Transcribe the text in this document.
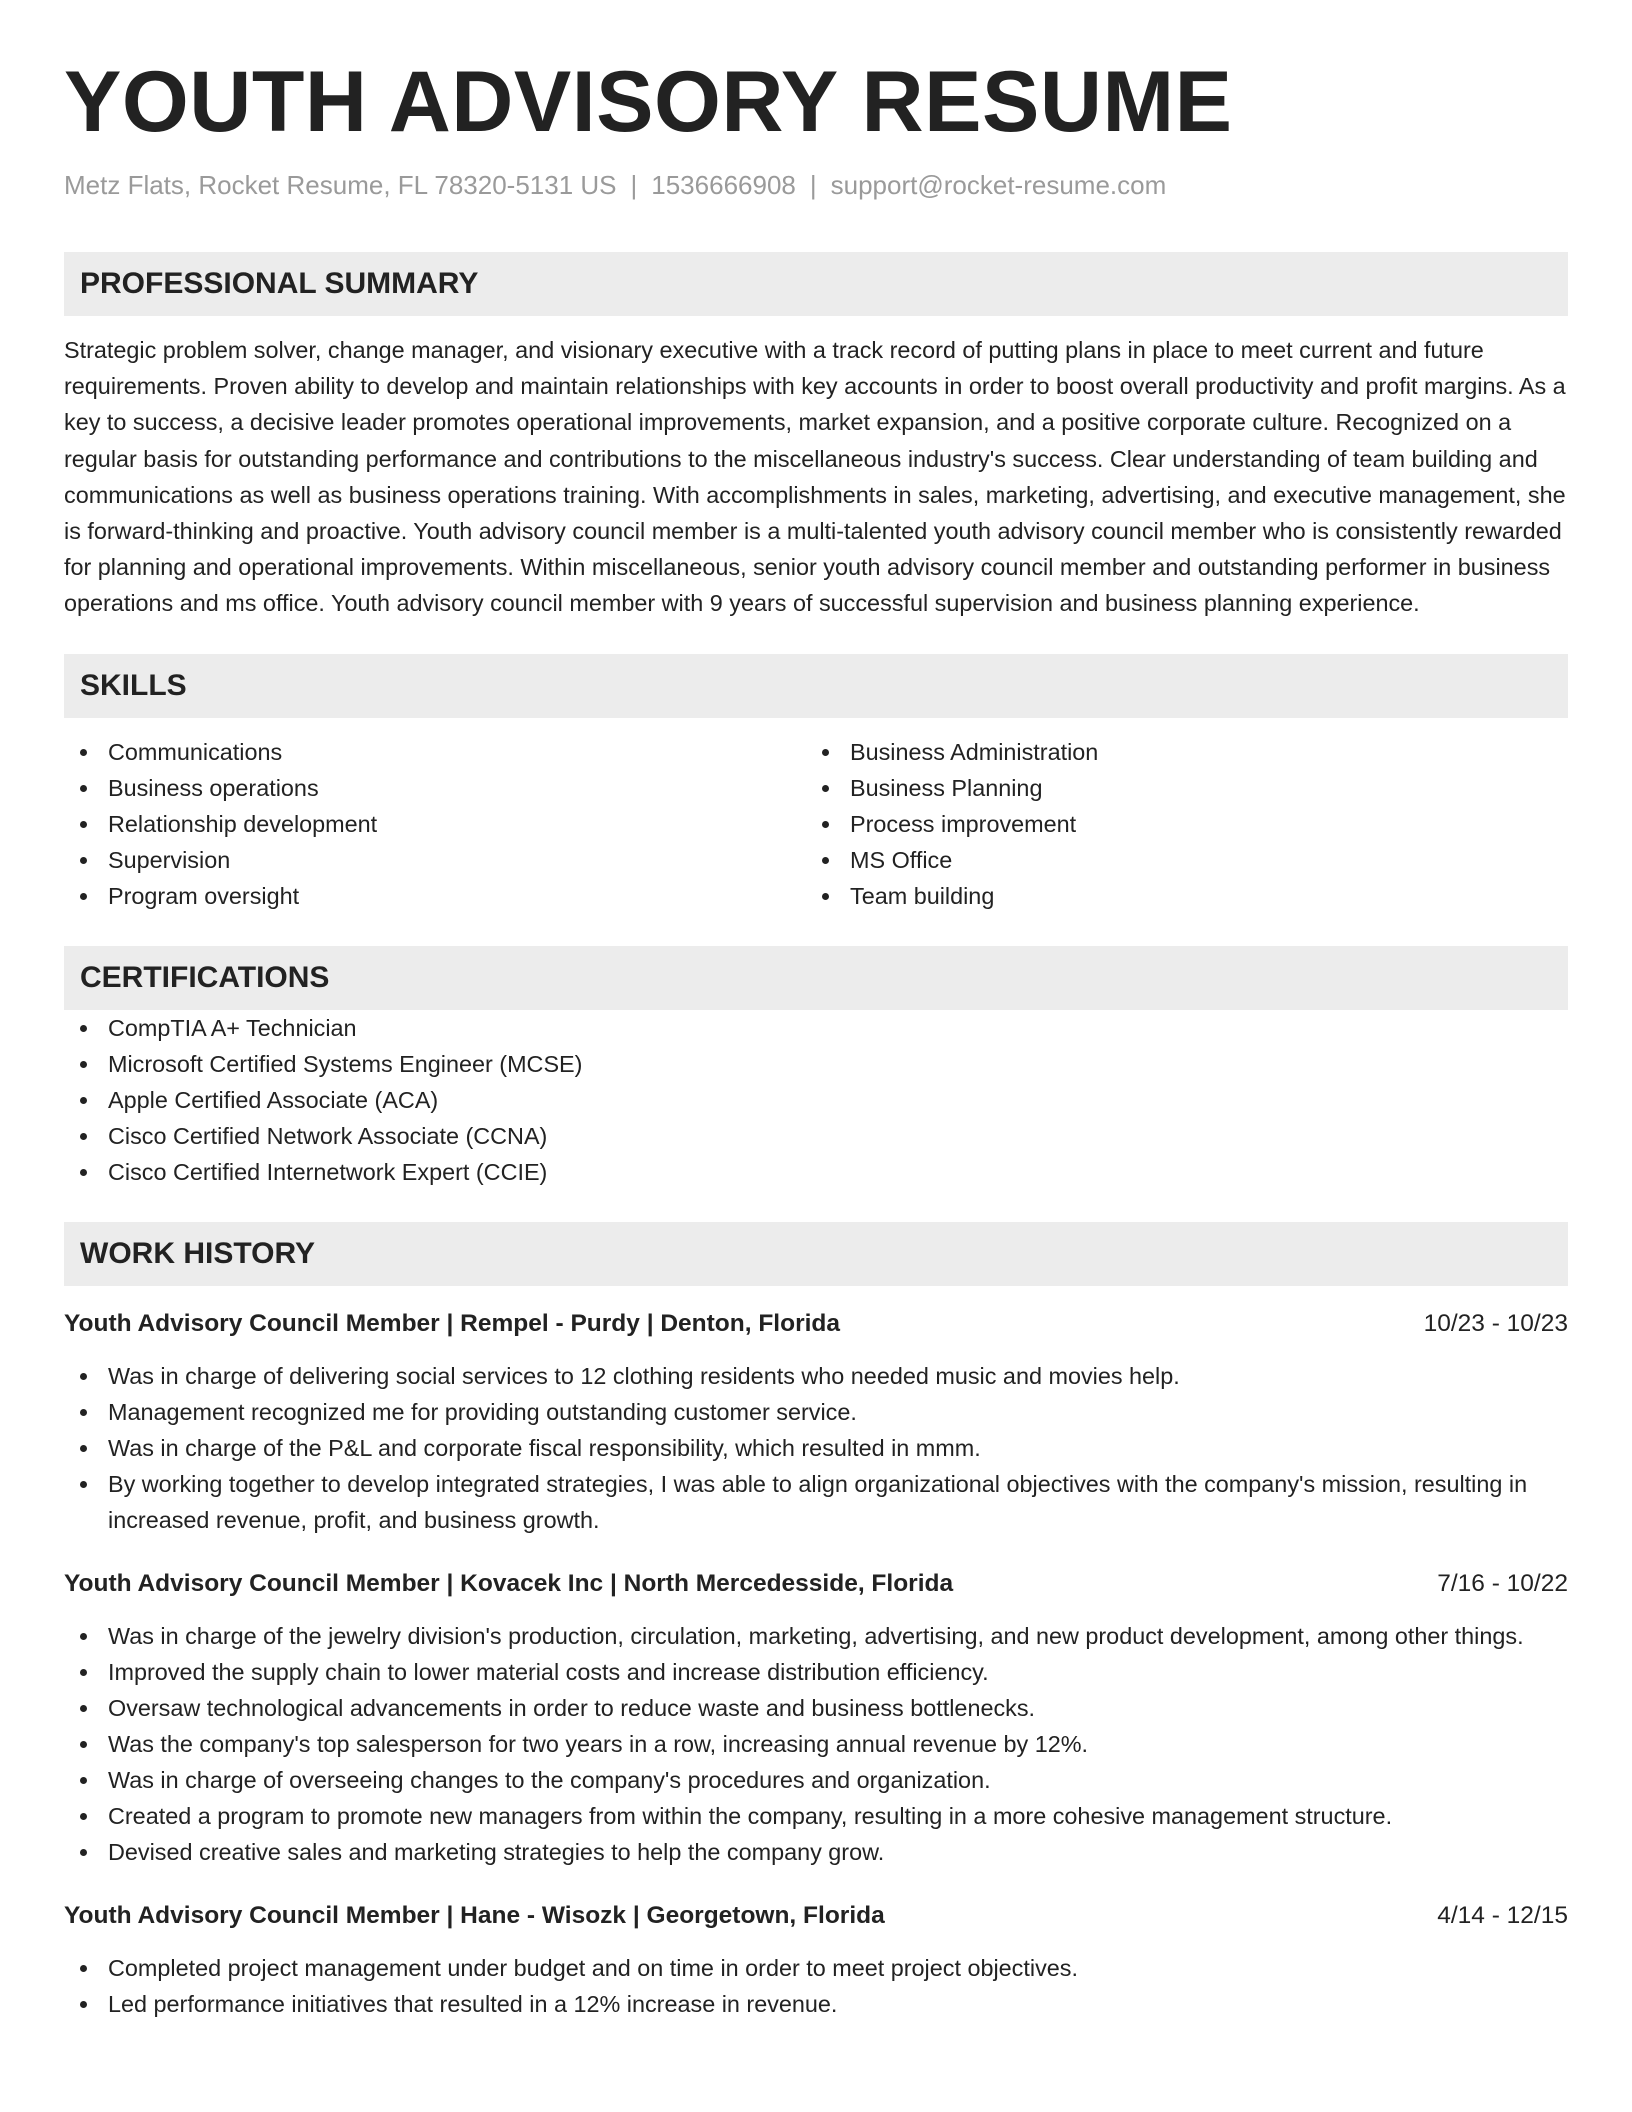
YOUTH ADVISORY RESUME
Metz Flats, Rocket Resume, FL 78320-5131 US | 1536666908 | support@rocket-resume.com
PROFESSIONAL SUMMARY

Strategic problem solver, change manager, and visionary executive with a track record of putting plans in place to meet current and future requirements. Proven ability to develop and maintain relationships with key accounts in order to boost overall productivity and profit margins. As a key to success, a decisive leader promotes operational improvements, market expansion, and a positive corporate culture. Recognized on a regular basis for outstanding performance and contributions to the miscellaneous industry's success. Clear understanding of team building and communications as well as business operations training. With accomplishments in sales, marketing, advertising, and executive management, she is forward-thinking and proactive. Youth advisory council member is a multi-talented youth advisory council member who is consistently rewarded for planning and operational improvements. Within miscellaneous, senior youth advisory council member and outstanding performer in business operations and ms office. Youth advisory council member with 9 years of successful supervision and business planning experience.

SKILLS
Communications
Business operations
Relationship development
Supervision
Program oversight
Business Administration
Business Planning
Process improvement
MS Office
Team building
CERTIFICATIONS
CompTIA A+ Technician
Microsoft Certified Systems Engineer (MCSE)
Apple Certified Associate (ACA)
Cisco Certified Network Associate (CCNA)
Cisco Certified Internetwork Expert (CCIE)
WORK HISTORY
Youth Advisory Council Member | Rempel - Purdy | Denton, Florida	10/23 - 10/23
Was in charge of delivering social services to 12 clothing residents who needed music and movies help.
Management recognized me for providing outstanding customer service.
Was in charge of the P&L and corporate fiscal responsibility, which resulted in mmm.
By working together to develop integrated strategies, I was able to align organizational objectives with the company's mission, resulting in increased revenue, profit, and business growth.
Youth Advisory Council Member | Kovacek Inc | North Mercedesside, Florida	7/16 - 10/22
Was in charge of the jewelry division's production, circulation, marketing, advertising, and new product development, among other things.
Improved the supply chain to lower material costs and increase distribution efficiency.
Oversaw technological advancements in order to reduce waste and business bottlenecks.
Was the company's top salesperson for two years in a row, increasing annual revenue by 12%.
Was in charge of overseeing changes to the company's procedures and organization.
Created a program to promote new managers from within the company, resulting in a more cohesive management structure.
Devised creative sales and marketing strategies to help the company grow.
Youth Advisory Council Member | Hane - Wisozk | Georgetown, Florida	4/14 - 12/15
Completed project management under budget and on time in order to meet project objectives.
Led performance initiatives that resulted in a 12% increase in revenue.
